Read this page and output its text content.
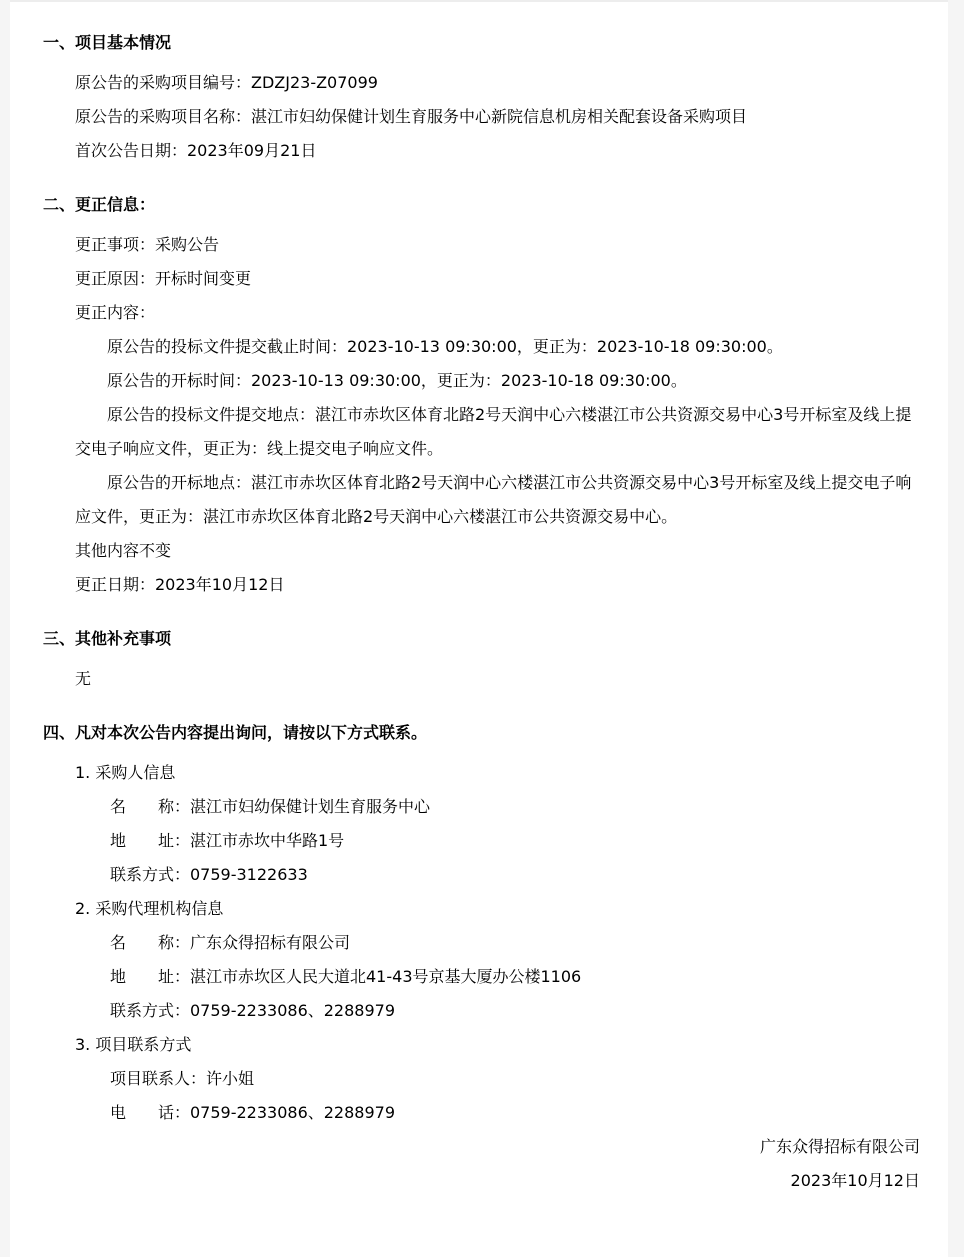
一、项目基本情况
原公告的采购项目编号：ZDZJ23-Z07099
原公告的采购项目名称：湛江市妇幼保健计划生育服务中心新院信息机房相关配套设备采购项目
首次公告日期：2023年09月21日
二、更正信息：
更正事项：采购公告
更正原因：开标时间变更
更正内容：
原公告的投标文件提交截止时间：2023-10-13 09:30:00，更正为：2023-10-18 09:30:00。
原公告的开标时间：2023-10-13 09:30:00，更正为：2023-10-18 09:30:00。
原公告的投标文件提交地点：湛江市赤坎区体育北路2号天润中心六楼湛江市公共资源交易中心3号开标室及线上提交电子响应文件，更正为：线上提交电子响应文件。
原公告的开标地点：湛江市赤坎区体育北路2号天润中心六楼湛江市公共资源交易中心3号开标室及线上提交电子响应文件，更正为：湛江市赤坎区体育北路2号天润中心六楼湛江市公共资源交易中心。
其他内容不变
更正日期：2023年10月12日
三、其他补充事项
无
四、凡对本次公告内容提出询问，请按以下方式联系。
1. 采购人信息
名　　称：湛江市妇幼保健计划生育服务中心
地　　址：湛江市赤坎中华路1号
联系方式：0759-3122633
2. 采购代理机构信息
名　　称：广东众得招标有限公司
地　　址：湛江市赤坎区人民大道北41-43号京基大厦办公楼1106
联系方式：0759-2233086、2288979
3. 项目联系方式
项目联系人：许小姐
电　　话：0759-2233086、2288979
广东众得招标有限公司
2023年10月12日
